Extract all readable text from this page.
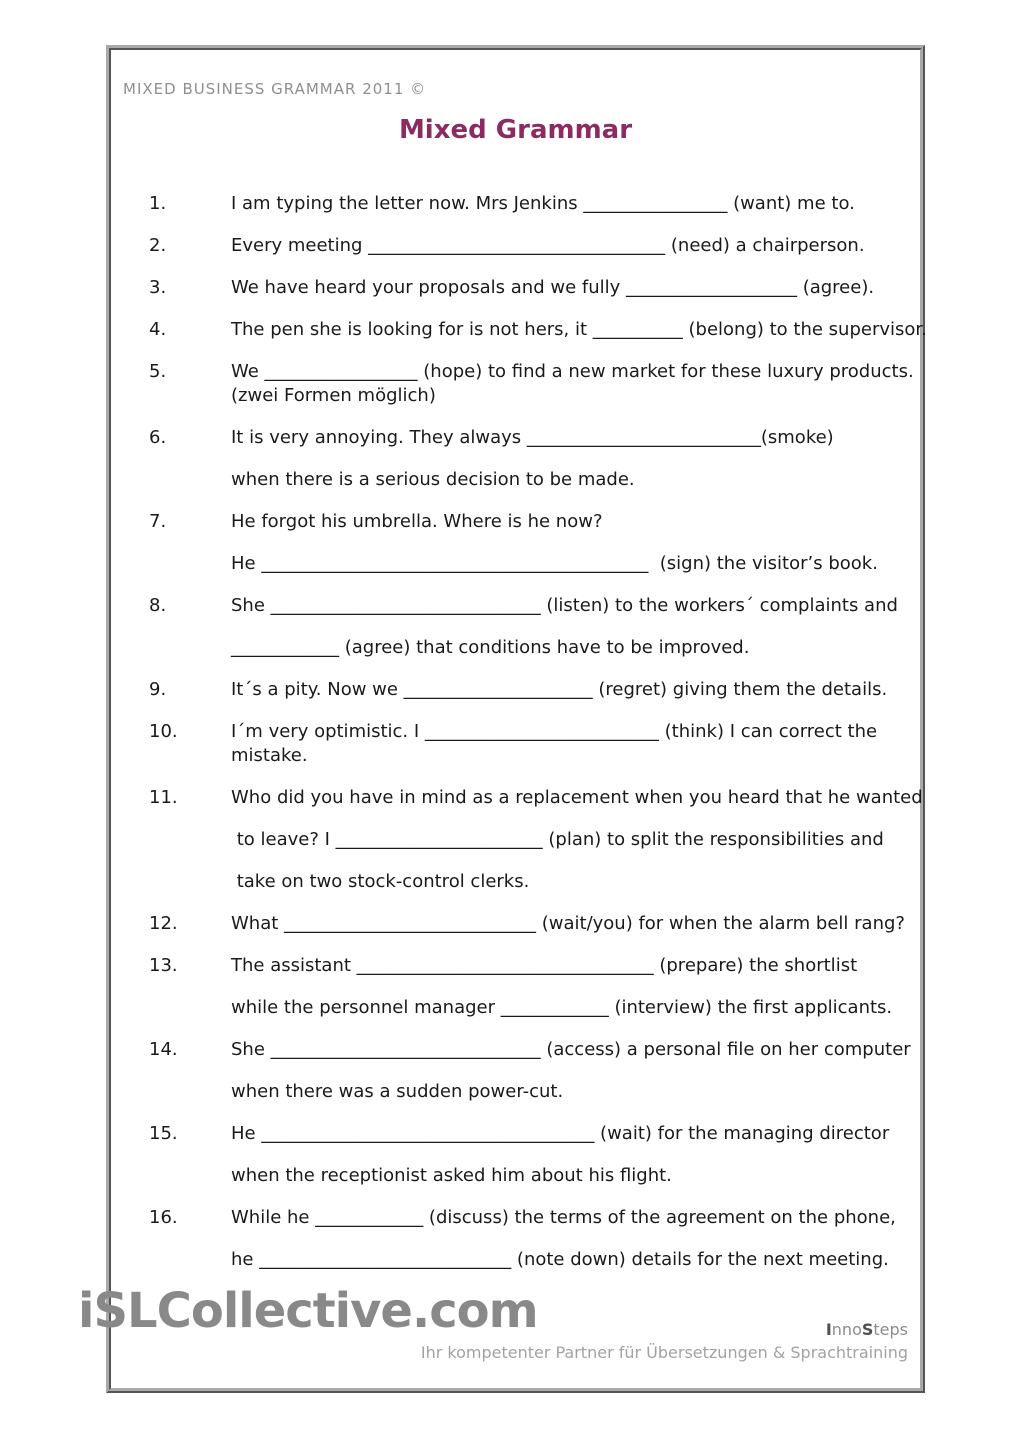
MIXED BUSINESS GRAMMAR 2011 ©
Mixed Grammar
1.	I am typing the letter now. Mrs Jenkins ________________ (want) me to.
2.	Every meeting _________________________________ (need) a chairperson.
3.	We have heard your proposals and we fully ___________________ (agree).
4.	The pen she is looking for is not hers, it __________ (belong) to the supervisor.
5.	We _________________ (hope) to find a new market for these luxury products.
(zwei Formen möglich)
6.	It is very annoying. They always __________________________(smoke)
when there is a serious decision to be made.
7.	He forgot his umbrella. Where is he now?
He ___________________________________________  (sign) the visitor’s book.
8.	She ______________________________ (listen) to the workers´ complaints and
____________ (agree) that conditions have to be improved.
9.	It´s a pity. Now we _____________________ (regret) giving them the details.
10.	I´m very optimistic. I __________________________ (think) I can correct the
mistake.
11.	Who did you have in mind as a replacement when you heard that he wanted
to leave? I _______________________ (plan) to split the responsibilities and
take on two stock-control clerks.
12.	What ____________________________ (wait/you) for when the alarm bell rang?
13.	The assistant _________________________________ (prepare) the shortlist
while the personnel manager ____________ (interview) the first applicants.
14.	She ______________________________ (access) a personal file on her computer
when there was a sudden power-cut.
15.	He _____________________________________ (wait) for the managing director
when the receptionist asked him about his flight.
16.	While he ____________ (discuss) the terms of the agreement on the phone,
he ____________________________ (note down) details for the next meeting.
iSLCollective.com	InnoSteps
Ihr kompetenter Partner für Übersetzungen & Sprachtraining
